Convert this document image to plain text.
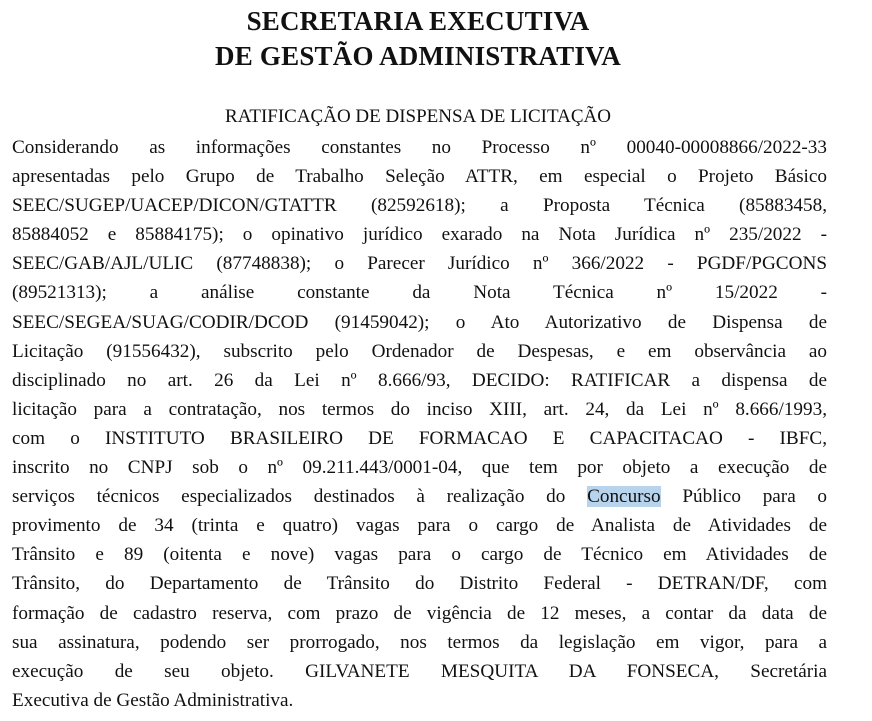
SECRETARIA EXECUTIVA
DE GESTÃO ADMINISTRATIVA
RATIFICAÇÃO DE DISPENSA DE LICITAÇÃO
Considerando as informações constantes no Processo nº 00040-00008866/2022-33
apresentadas pelo Grupo de Trabalho Seleção ATTR, em especial o Projeto Básico
SEEC/SUGEP/UACEP/DICON/GTATTR (82592618); a Proposta Técnica (85883458,
85884052 e 85884175); o opinativo jurídico exarado na Nota Jurídica nº 235/2022 -
SEEC/GAB/AJL/ULIC (87748838); o Parecer Jurídico nº 366/2022 - PGDF/PGCONS
(89521313); a análise constante da Nota Técnica nº 15/2022 -
SEEC/SEGEA/SUAG/CODIR/DCOD (91459042); o Ato Autorizativo de Dispensa de
Licitação (91556432), subscrito pelo Ordenador de Despesas, e em observância ao
disciplinado no art. 26 da Lei nº 8.666/93, DECIDO: RATIFICAR a dispensa de
licitação para a contratação, nos termos do inciso XIII, art. 24, da Lei nº 8.666/1993,
com o INSTITUTO BRASILEIRO DE FORMACAO E CAPACITACAO - IBFC,
inscrito no CNPJ sob o nº 09.211.443/0001-04, que tem por objeto a execução de
serviços técnicos especializados destinados à realização do Concurso Público para o
provimento de 34 (trinta e quatro) vagas para o cargo de Analista de Atividades de
Trânsito e 89 (oitenta e nove) vagas para o cargo de Técnico em Atividades de
Trânsito, do Departamento de Trânsito do Distrito Federal - DETRAN/DF, com
formação de cadastro reserva, com prazo de vigência de 12 meses, a contar da data de
sua assinatura, podendo ser prorrogado, nos termos da legislação em vigor, para a
execução de seu objeto. GILVANETE MESQUITA DA FONSECA, Secretária
Executiva de Gestão Administrativa.
